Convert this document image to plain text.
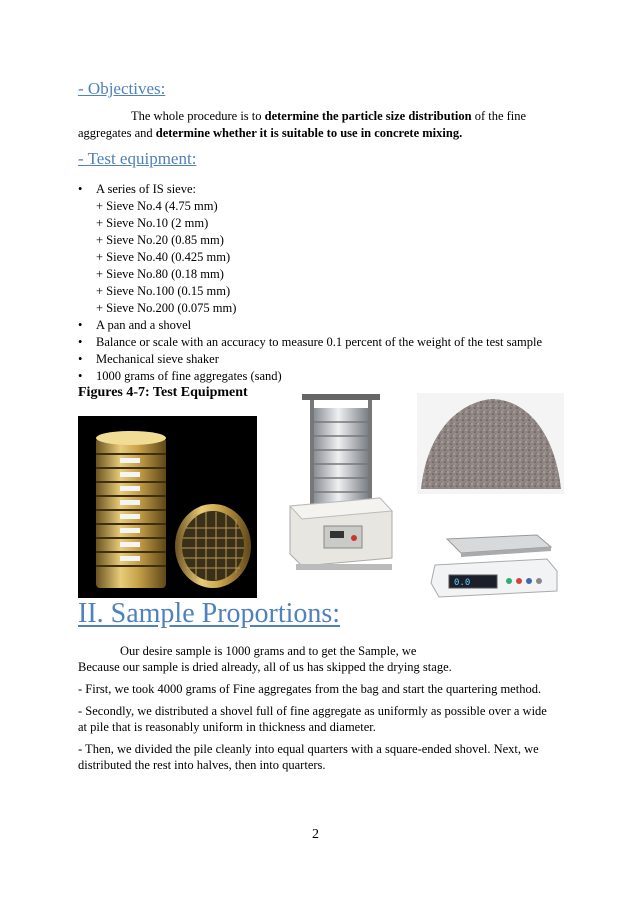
- Objectives:
The whole procedure is to determine the particle size distribution of the fine
aggregates and determine whether it is suitable to use in concrete mixing.
- Test equipment:
• A series of IS sieve:
+ Sieve No.4 (4.75 mm)
+ Sieve No.10 (2 mm)
+ Sieve No.20 (0.85 mm)
+ Sieve No.40 (0.425 mm)
+ Sieve No.80 (0.18 mm)
+ Sieve No.100 (0.15 mm)
+ Sieve No.200 (0.075 mm)
• A pan and a shovel
• Balance or scale with an accuracy to measure 0.1 percent of the weight of the test sample
• Mechanical sieve shaker
• 1000 grams of fine aggregates (sand)
Figures 4-7: Test Equipment
0.0
II. Sample Proportions:
Our desire sample is 1000 grams and to get the Sample, we
Because our sample is dried already, all of us has skipped the drying stage.
- First, we took 4000 grams of Fine aggregates from the bag and start the quartering method.
- Secondly, we distributed a shovel full of fine aggregate as uniformly as possible over a wide
at pile that is reasonably uniform in thickness and diameter.
- Then, we divided the pile cleanly into equal quarters with a square-ended shovel. Next, we
distributed the rest into halves, then into quarters.
2
